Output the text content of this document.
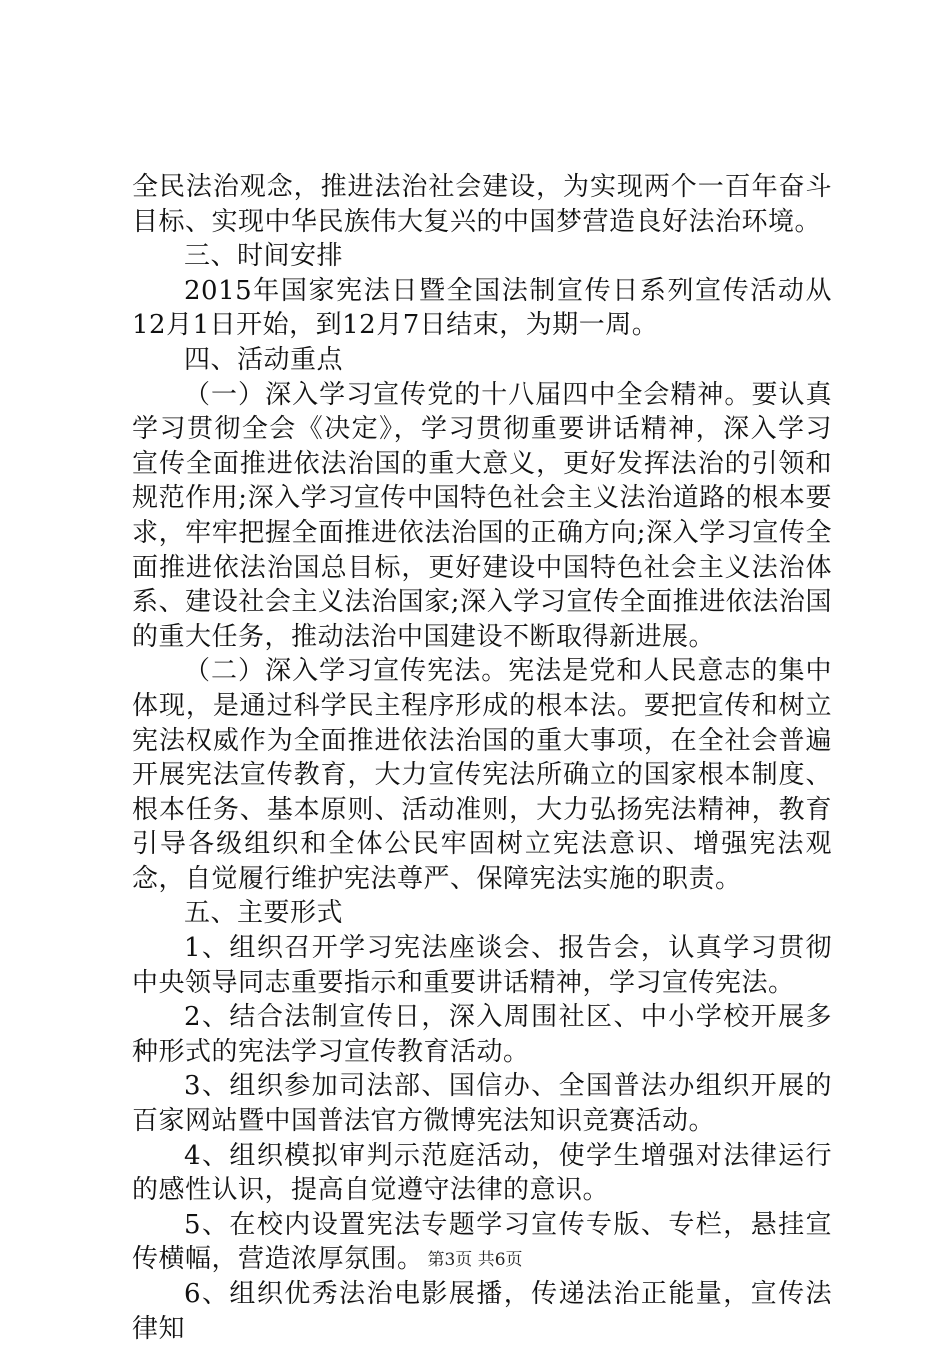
全民法治观念，推进法治社会建设，为实现两个一百年奋斗目标、实现中华民族伟大复兴的中国梦营造良好法治环境。

三、时间安排

2015年国家宪法日暨全国法制宣传日系列宣传活动从12月1日开始，到12月7日结束，为期一周。

四、活动重点

（一）深入学习宣传党的十八届四中全会精神。要认真学习贯彻全会《决定》，学习贯彻重要讲话精神，深入学习宣传全面推进依法治国的重大意义，更好发挥法治的引领和规范作用;深入学习宣传中国特色社会主义法治道路的根本要求，牢牢把握全面推进依法治国的正确方向;深入学习宣传全面推进依法治国总目标，更好建设中国特色社会主义法治体系、建设社会主义法治国家;深入学习宣传全面推进依法治国的重大任务，推动法治中国建设不断取得新进展。

（二）深入学习宣传宪法。宪法是党和人民意志的集中体现，是通过科学民主程序形成的根本法。要把宣传和树立宪法权威作为全面推进依法治国的重大事项，在全社会普遍开展宪法宣传教育，大力宣传宪法所确立的国家根本制度、根本任务、基本原则、活动准则，大力弘扬宪法精神，教育引导各级组织和全体公民牢固树立宪法意识、增强宪法观念，自觉履行维护宪法尊严、保障宪法实施的职责。

五、主要形式

1、组织召开学习宪法座谈会、报告会，认真学习贯彻中央领导同志重要指示和重要讲话精神，学习宣传宪法。

2、结合法制宣传日，深入周围社区、中小学校开展多种形式的宪法学习宣传教育活动。

3、组织参加司法部、国信办、全国普法办组织开展的百家网站暨中国普法官方微博宪法知识竞赛活动。

4、组织模拟审判示范庭活动，使学生增强对法律运行的感性认识，提高自觉遵守法律的意识。

5、在校内设置宪法专题学习宣传专版、专栏，悬挂宣传横幅，营造浓厚氛围。

6、组织优秀法治电影展播，传递法治正能量，宣传法律知

第3页 共6页
